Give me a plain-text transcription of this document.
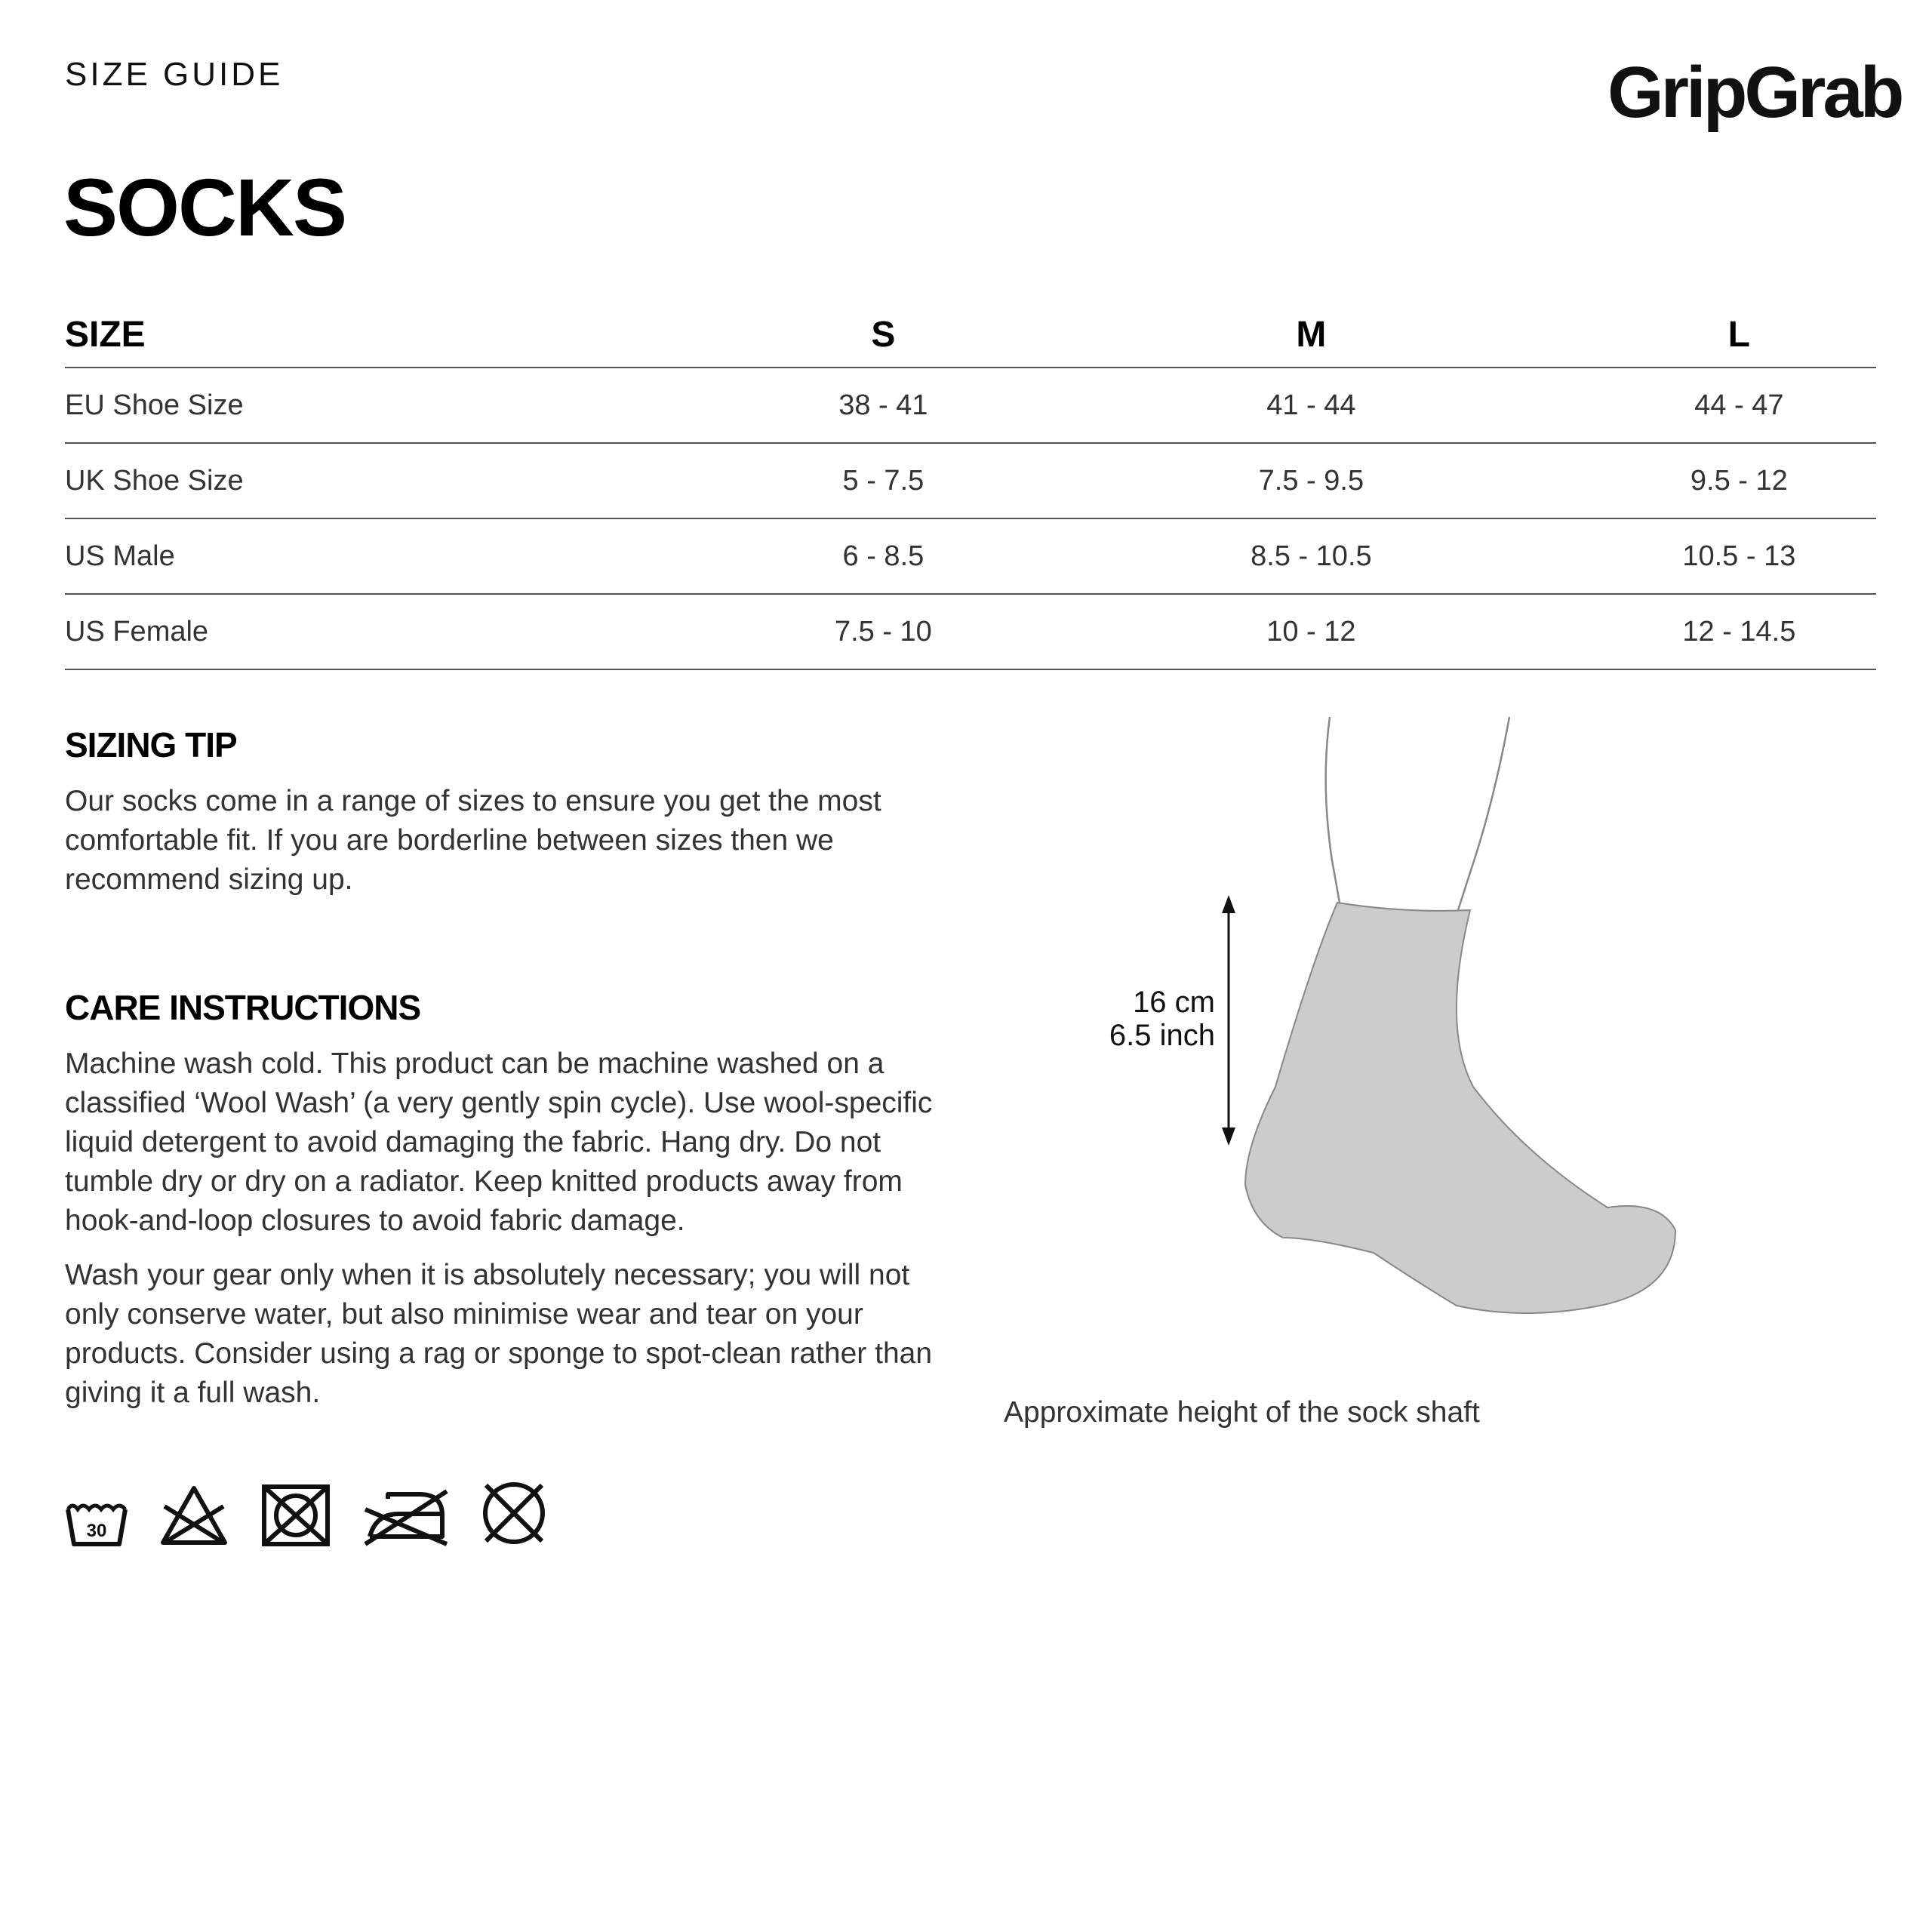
SIZE GUIDE	GripGrab
SOCKS
SIZE	S	M	L
EU Shoe Size	38 - 41	41 - 44	44 - 47
UK Shoe Size	5 - 7.5	7.5 - 9.5	9.5 - 12
US Male	6 - 8.5	8.5 - 10.5	10.5 - 13
US Female	7.5 - 10	10 - 12	12 - 14.5
SIZING TIP

Our socks come in a range of sizes to ensure you get the most comfortable fit. If you are borderline between sizes then we recommend sizing up.

CARE INSTRUCTIONS

Machine wash cold. This product can be machine washed on a classified ‘Wool Wash’ (a very gently spin cycle). Use wool-specific liquid detergent to avoid damaging the fabric. Hang dry. Do not tumble dry or dry on a radiator. Keep knitted products away from hook-and-loop closures to avoid fabric damage.

Wash your gear only when it is absolutely necessary; you will not only conserve water, but also minimise wear and tear on your products. Consider using a rag or sponge to spot-clean rather than giving it a full wash.

30
16 cm
6.5 inch
Approximate height of the sock shaft
